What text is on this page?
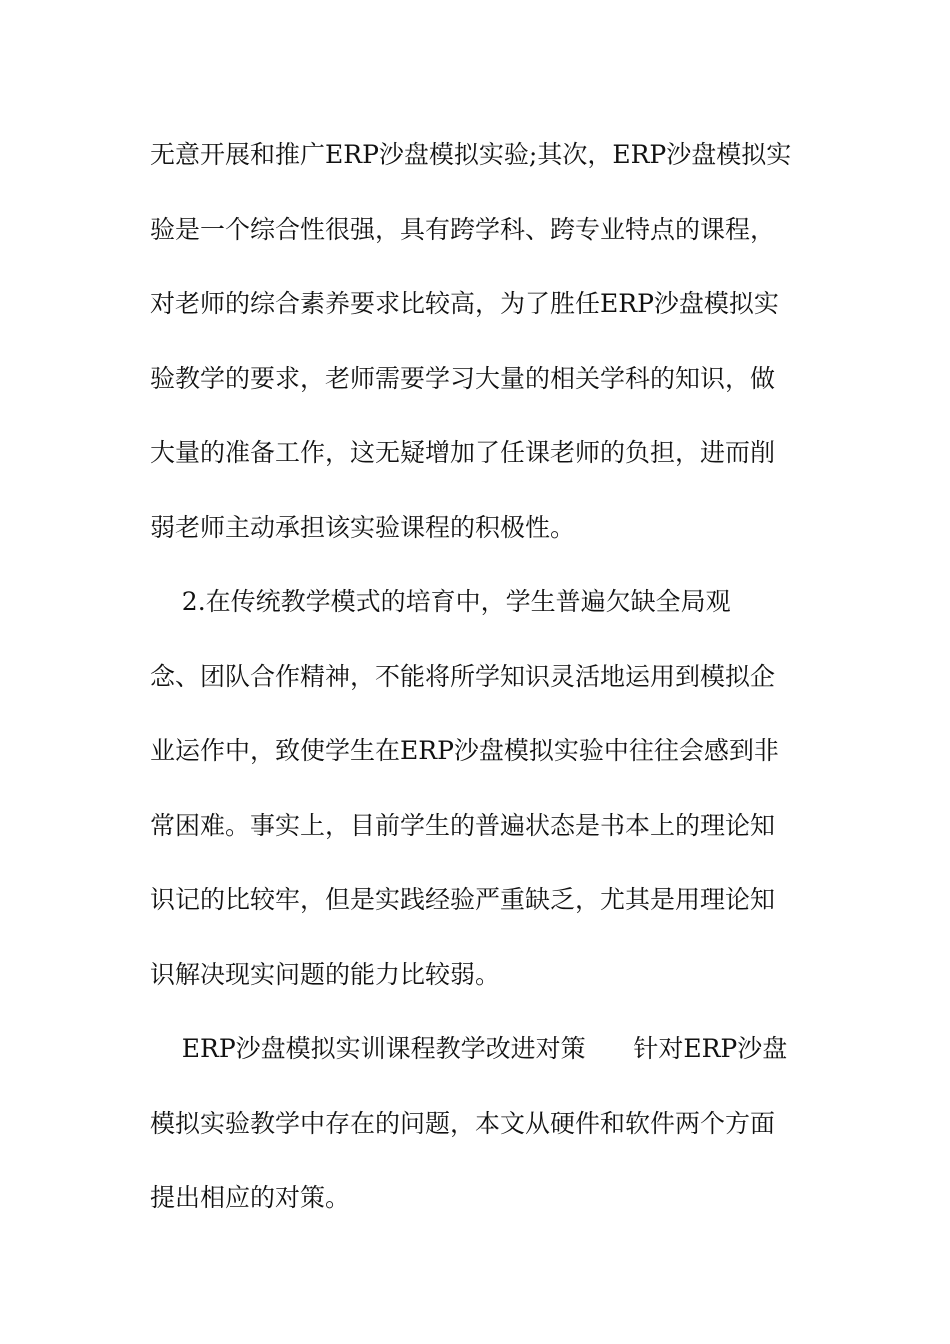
无意开展和推广ERP沙盘模拟实验;其次，ERP沙盘模拟实
验是一个综合性很强，具有跨学科、跨专业特点的课程，
对老师的综合素养要求比较高，为了胜任ERP沙盘模拟实
验教学的要求，老师需要学习大量的相关学科的知识，做
大量的准备工作，这无疑增加了任课老师的负担，进而削
弱老师主动承担该实验课程的积极性。
2.在传统教学模式的培育中，学生普遍欠缺全局观
念、团队合作精神，不能将所学知识灵活地运用到模拟企
业运作中，致使学生在ERP沙盘模拟实验中往往会感到非
常困难。事实上，目前学生的普遍状态是书本上的理论知
识记的比较牢，但是实践经验严重缺乏，尤其是用理论知
识解决现实问题的能力比较弱。
ERP沙盘模拟实训课程教学改进对策      针对ERP沙盘
模拟实验教学中存在的问题，本文从硬件和软件两个方面
提出相应的对策。
